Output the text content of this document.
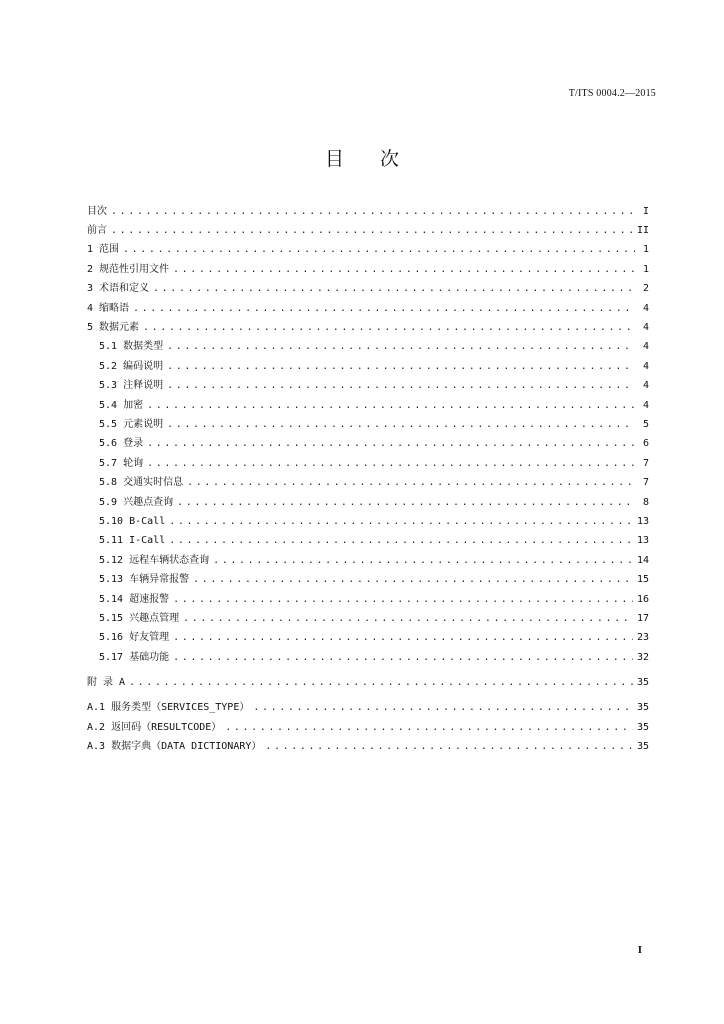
T/ITS 0004.2—2015
目 次
目次 .....	I
前言 .....	II
1 范围 .....	1
2 规范性引用文件 .....	1
3 术语和定义 .....	2
4 缩略语 .....	4
5 数据元素 .....	4
5.1 数据类型 .....	4
5.2 编码说明 .....	4
5.3 注释说明 .....	4
5.4 加密 .....	4
5.5 元素说明 .....	5
5.6 登录 .....	6
5.7 轮询 .....	7
5.8 交通实时信息 .....	7
5.9 兴趣点查询 .....	8
5.10 B-Call .....	13
5.11 I-Call .....	13
5.12 远程车辆状态查询 .....	14
5.13 车辆异常报警 .....	15
5.14 超速报警 .....	16
5.15 兴趣点管理 .....	17
5.16 好友管理 .....	23
5.17 基础功能 .....	32
附 录 A .....	35
A.1 服务类型（SERVICES_TYPE） .....	35
A.2 返回码（RESULTCODE） .....	35
A.3 数据字典（DATA DICTIONARY） .....	35
I
